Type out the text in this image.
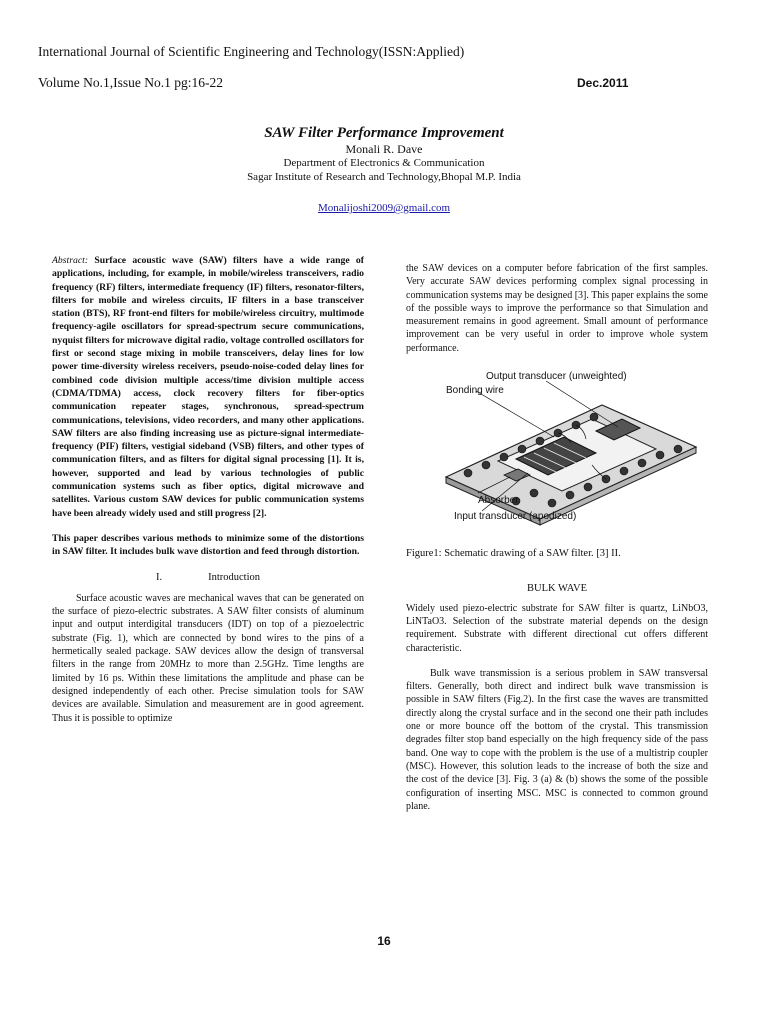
International Journal of Scientific Engineering and Technology(ISSN:Applied)
Volume No.1,Issue No.1 pg:16-22	Dec.2011

SAW Filter Performance Improvement

Monali R. Dave

Department of Electronics & Communication

Sagar Institute of Research and Technology,Bhopal M.P. India

Monalijoshi2009@gmail.com

Abstract: Surface acoustic wave (SAW) filters have a wide range of applications, including, for example, in mobile/wireless transceivers, radio frequency (RF) filters, intermediate frequency (IF) filters, resonator-filters, filters for mobile and wireless circuits, IF filters in a base transceiver station (BTS), RF front-end filters for mobile/wireless circuitry, multimode frequency-agile oscillators for spread-spectrum secure communications, nyquist filters for microwave digital radio, voltage controlled oscillators for first or second stage mixing in mobile transceivers, delay lines for low power time-diversity wireless receivers, pseudo-noise-coded delay lines for combined code division multiple access/time division multiple access (CDMA/TDMA) access, clock recovery filters for fiber-optics communication repeater stages, synchronous, spread-spectrum communications, televisions, video recorders, and many other applications. SAW filters are also finding increasing use as picture-signal intermediate-frequency (PIF) filters, vestigial sideband (VSB) filters, and other types of communication filters, and as filters for digital signal processing [1]. It is, however, supported and lead by various technologies of public communication systems such as fiber optics, digital microwave and satellites. Various custom SAW devices for public communication systems have been already widely used and still progress [2].

This paper describes various methods to minimize some of the distortions in SAW filter. It includes bulk wave distortion and feed through distortion.

I.	Introduction

Surface acoustic waves are mechanical waves that can be generated on the surface of piezo-electric substrates. A SAW filter consists of aluminum input and output interdigital transducers (IDT) on top of a piezoelectric substrate (Fig. 1), which are connected by bond wires to the pins of a hermetically sealed package. SAW devices allow the design of transversal filters in the range from 20MHz to more than 2.5GHz. Time lengths are limited by 16 ps. Within these limitations the amplitude and phase can be designed independently of each other. Precise simulation tools for SAW devices are available. Simulation and measurement are in good agreement. Thus it is possible to optimize

the SAW devices on a computer before fabrication of the first samples. Very accurate SAW devices performing complex signal processing in communication systems may be designed [3]. This paper explains the some of the possible ways to improve the performance so that Simulation and measurement remains in good agreement. Small amount of performance improvement can be very useful in order to improve whole system performance.

Output transducer (unweighted)
Bonding wire
Absorber
Input transducer (apodized)

Figure1: Schematic drawing of a SAW filter. [3] II.

BULK WAVE

Widely used piezo-electric substrate for SAW filter is quartz, LiNbO3, LiNTaO3. Selection of the substrate material depends on the design requirement. Substrate with different directional cut offers different characteristic.

Bulk wave transmission is a serious problem in SAW transversal filters. Generally, both direct and indirect bulk wave transmission is possible in SAW filters (Fig.2). In the first case the waves are transmitted directly along the crystal surface and in the second one their path includes one or more bounce off the bottom of the crystal. This transmission degrades filter stop band especially on the high frequency side of the pass band. One way to cope with the problem is the use of a multistrip coupler (MSC). However, this solution leads to the increase of both the size and the cost of the device [3]. Fig. 3 (a) & (b) shows the some of the possible configuration of inserting MSC. MSC is connected to common ground plane.

16
